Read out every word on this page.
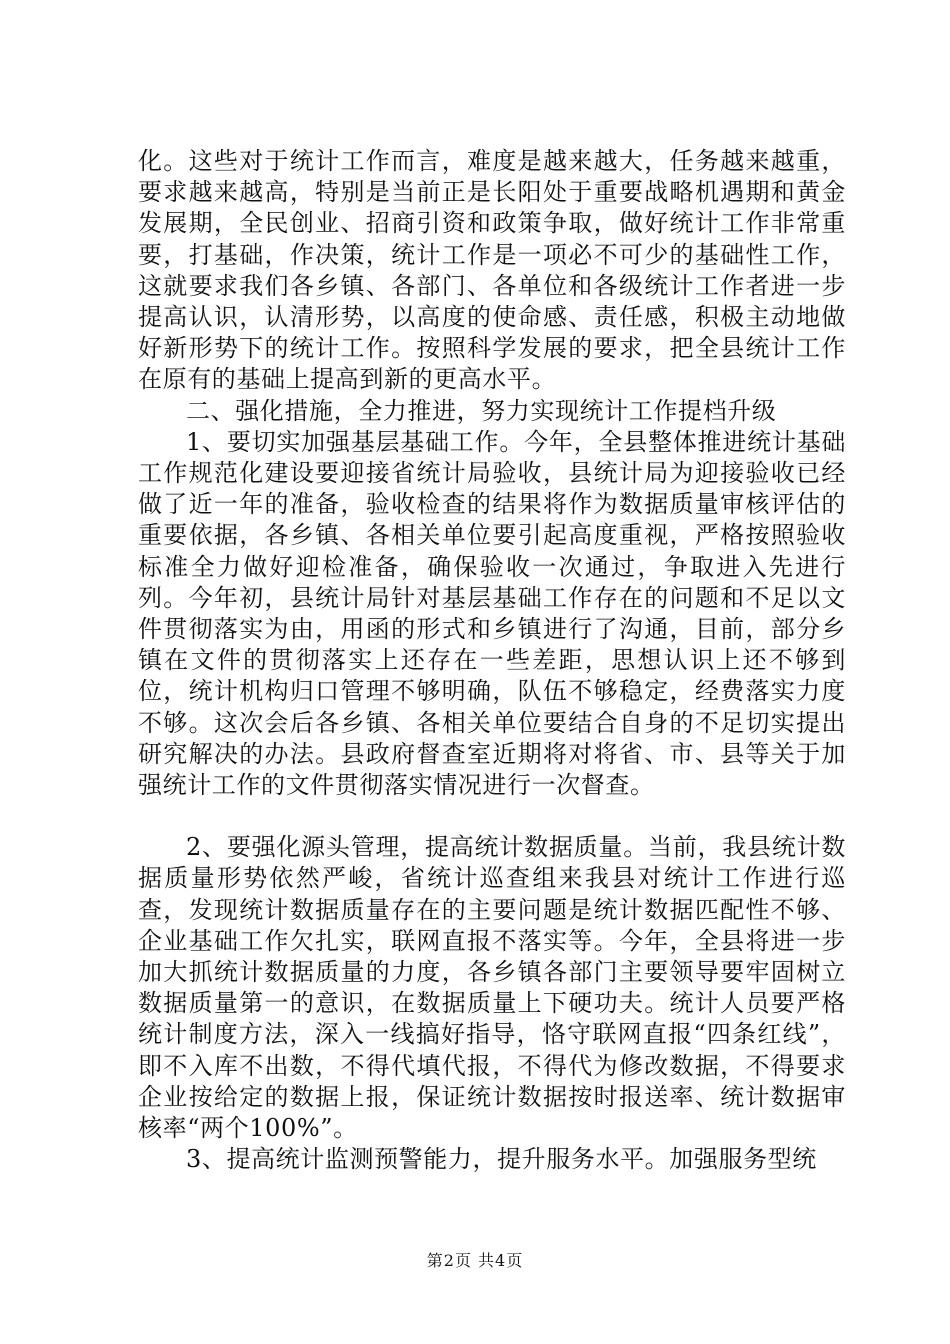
化。这些对于统计工作而言，难度是越来越大，任务越来越重，要求越来越高，特别是当前正是长阳处于重要战略机遇期和黄金发展期，全民创业、招商引资和政策争取，做好统计工作非常重要，打基础，作决策，统计工作是一项必不可少的基础性工作，这就要求我们各乡镇、各部门、各单位和各级统计工作者进一步提高认识，认清形势，以高度的使命感、责任感，积极主动地做好新形势下的统计工作。按照科学发展的要求，把全县统计工作在原有的基础上提高到新的更高水平。

二、强化措施，全力推进，努力实现统计工作提档升级

1、要切实加强基层基础工作。今年，全县整体推进统计基础工作规范化建设要迎接省统计局验收，县统计局为迎接验收已经做了近一年的准备，验收检查的结果将作为数据质量审核评估的重要依据，各乡镇、各相关单位要引起高度重视，严格按照验收标准全力做好迎检准备，确保验收一次通过，争取进入先进行列。今年初，县统计局针对基层基础工作存在的问题和不足以文件贯彻落实为由，用函的形式和乡镇进行了沟通，目前，部分乡镇在文件的贯彻落实上还存在一些差距，思想认识上还不够到位，统计机构归口管理不够明确，队伍不够稳定，经费落实力度不够。这次会后各乡镇、各相关单位要结合自身的不足切实提出研究解决的办法。县政府督查室近期将对将省、市、县等关于加强统计工作的文件贯彻落实情况进行一次督查。

2、要强化源头管理，提高统计数据质量。当前，我县统计数据质量形势依然严峻，省统计巡查组来我县对统计工作进行巡查，发现统计数据质量存在的主要问题是统计数据匹配性不够、企业基础工作欠扎实，联网直报不落实等。今年，全县将进一步加大抓统计数据质量的力度，各乡镇各部门主要领导要牢固树立数据质量第一的意识，在数据质量上下硬功夫。统计人员要严格统计制度方法，深入一线搞好指导，恪守联网直报“四条红线”，即不入库不出数，不得代填代报，不得代为修改数据，不得要求企业按给定的数据上报，保证统计数据按时报送率、统计数据审核率“两个100%”。

3、提高统计监测预警能力，提升服务水平。加强服务型统

第2页 共4页
